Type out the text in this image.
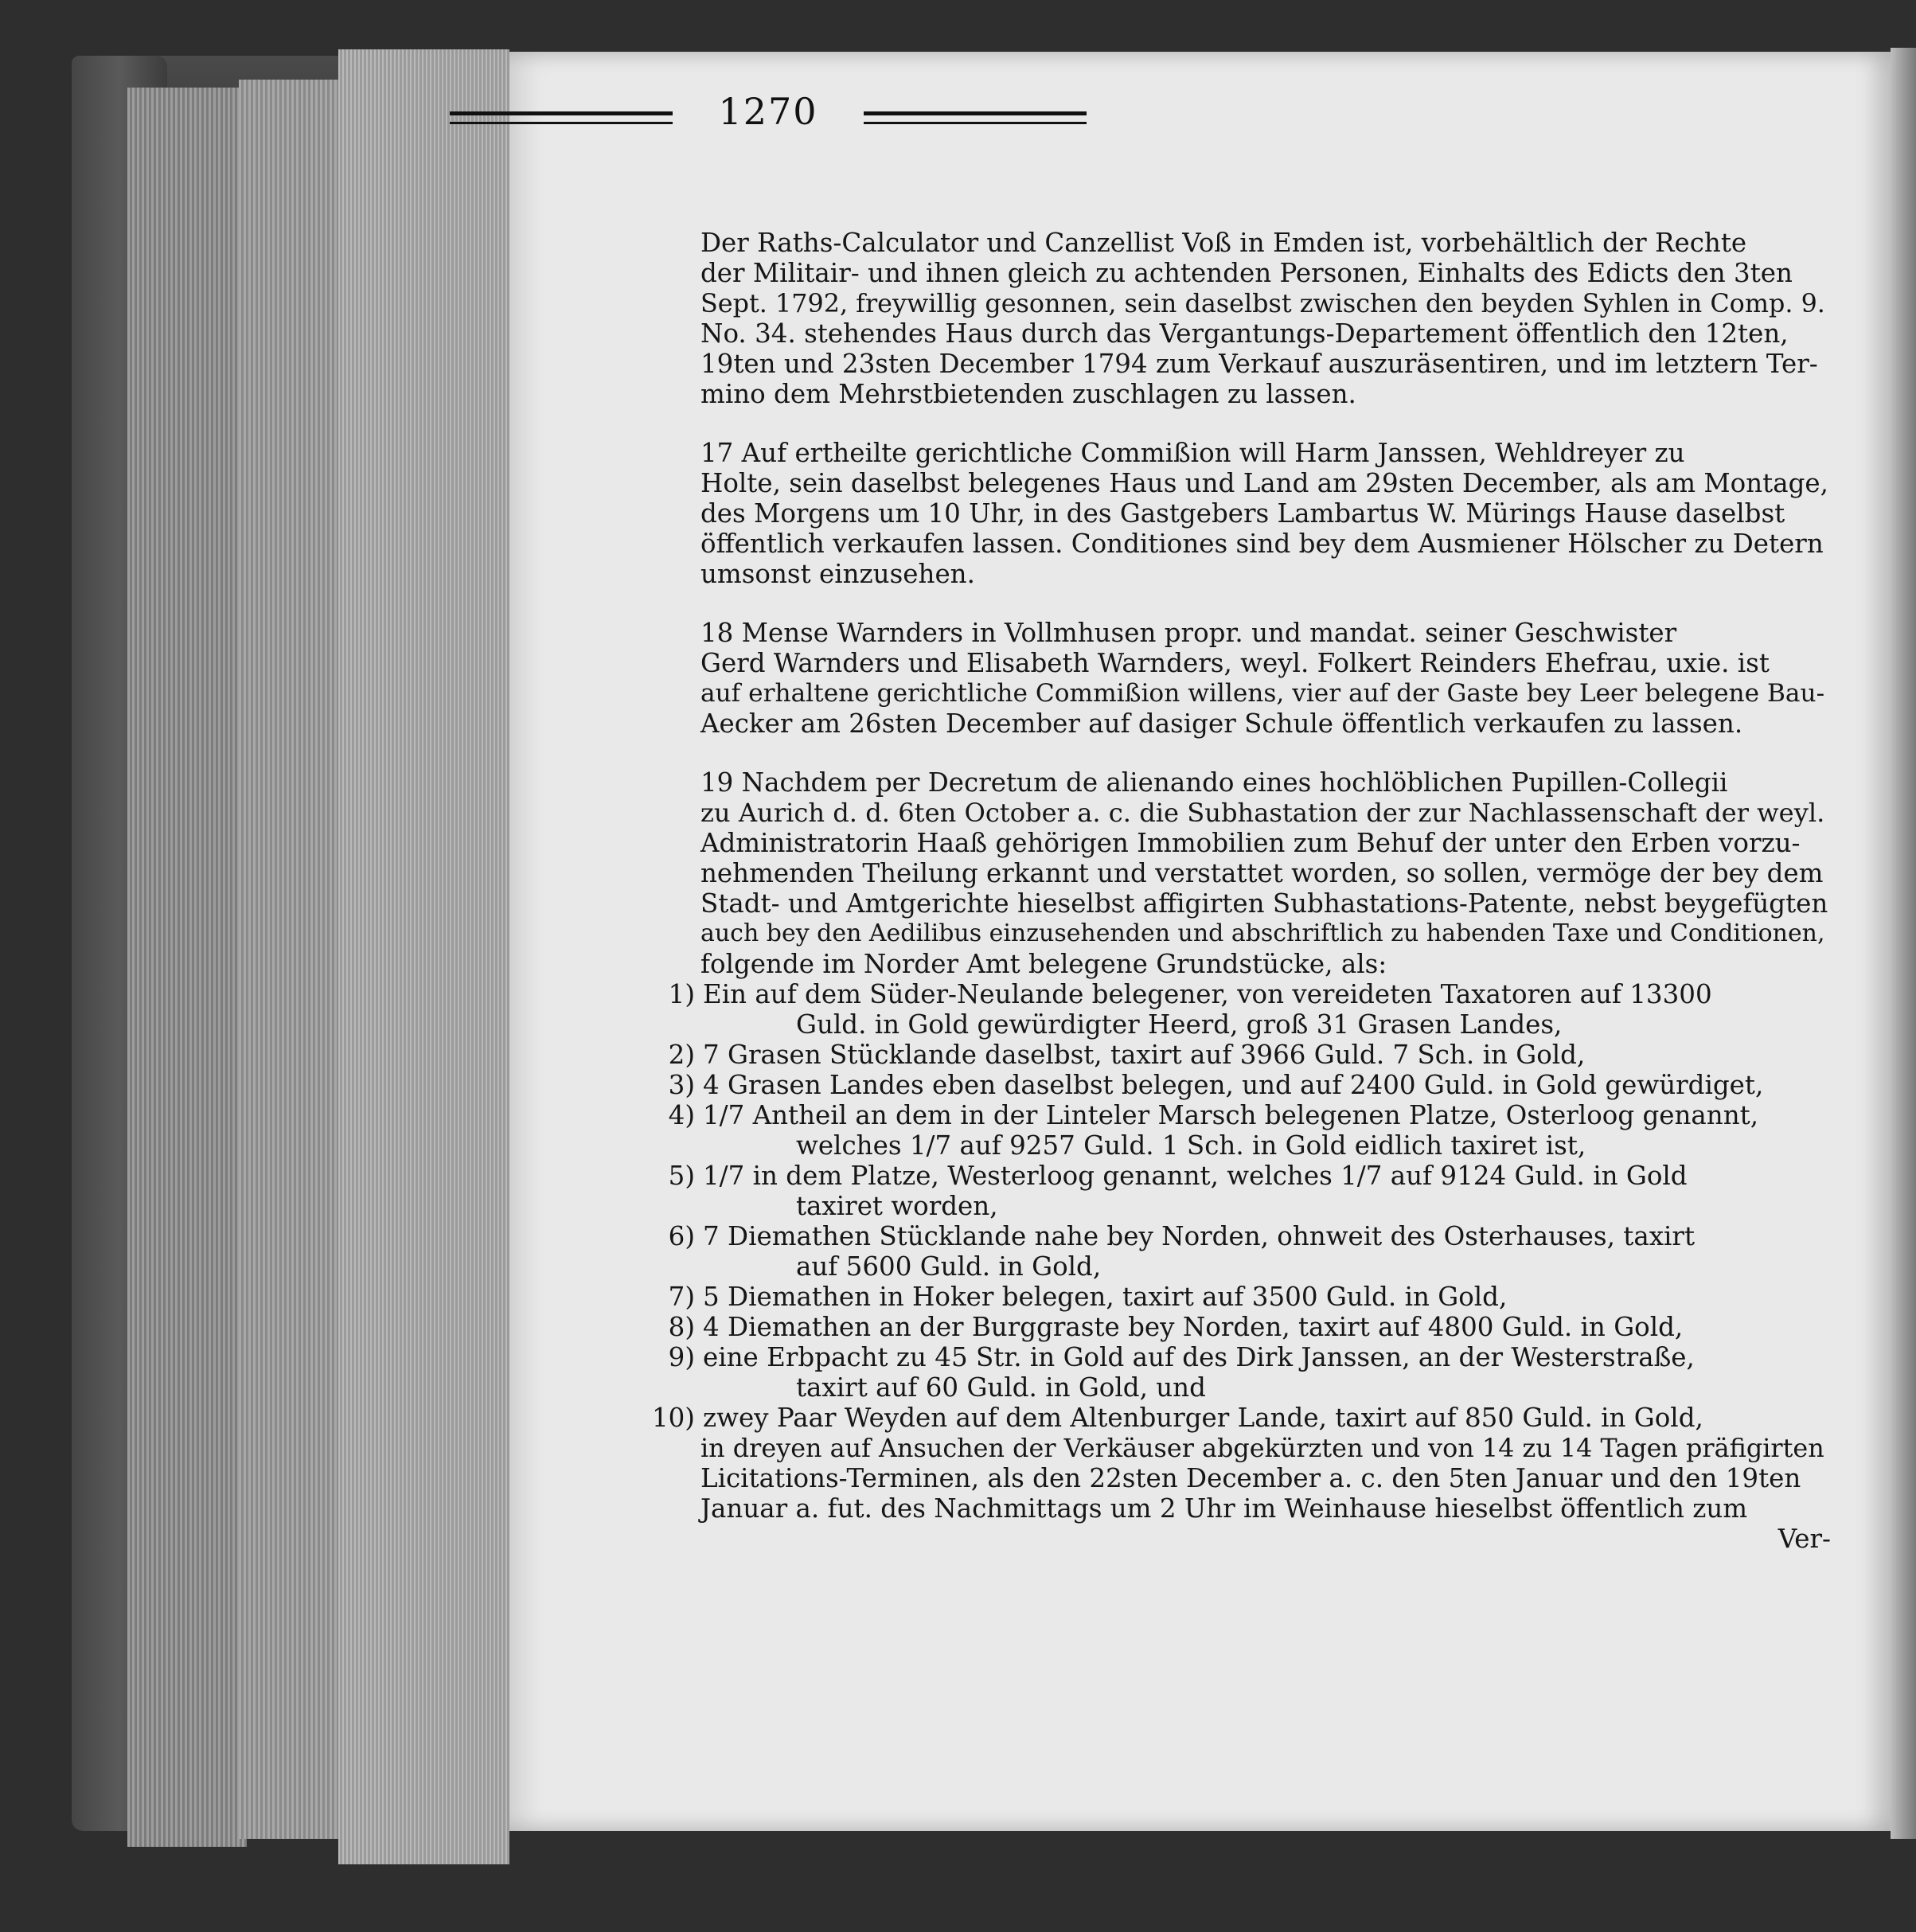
1270

Der Raths-Calculator und Canzellist Voß in Emden ist, vorbehältlich der Rechte

der Militair- und ihnen gleich zu achtenden Personen, Einhalts des Edicts den 3ten

Sept. 1792, freywillig gesonnen, sein daselbst zwischen den beyden Syhlen in Comp. 9.

No. 34. stehendes Haus durch das Vergantungs-Departement öffentlich den 12ten,

19ten und 23sten December 1794 zum Verkauf auszuräsentiren, und im letztern Ter-

mino dem Mehrstbietenden zuschlagen zu lassen.

17 Auf ertheilte gerichtliche Commißion will Harm Janssen, Wehldreyer zu

Holte, sein daselbst belegenes Haus und Land am 29sten December, als am Montage,

des Morgens um 10 Uhr, in des Gastgebers Lambartus W. Mürings Hause daselbst

öffentlich verkaufen lassen. Conditiones sind bey dem Ausmiener Hölscher zu Detern

umsonst einzusehen.

18 Mense Warnders in Vollmhusen propr. und mandat. seiner Geschwister

Gerd Warnders und Elisabeth Warnders, weyl. Folkert Reinders Ehefrau, uxie. ist

auf erhaltene gerichtliche Commißion willens, vier auf der Gaste bey Leer belegene Bau-

Aecker am 26sten December auf dasiger Schule öffentlich verkaufen zu lassen.

19 Nachdem per Decretum de alienando eines hochlöblichen Pupillen-Collegii

zu Aurich d. d. 6ten October a. c. die Subhastation der zur Nachlassenschaft der weyl.

Administratorin Haaß gehörigen Immobilien zum Behuf der unter den Erben vorzu-

nehmenden Theilung erkannt und verstattet worden, so sollen, vermöge der bey dem

Stadt- und Amtgerichte hieselbst affigirten Subhastations-Patente, nebst beygefügten

auch bey den Aedilibus einzusehenden und abschriftlich zu habenden Taxe und Conditionen,

folgende im Norder Amt belegene Grundstücke, als:

1) Ein auf dem Süder-Neulande belegener, von vereideten Taxatoren auf 13300

Guld. in Gold gewürdigter Heerd, groß 31 Grasen Landes,

2) 7 Grasen Stücklande daselbst, taxirt auf 3966 Guld. 7 Sch. in Gold,

3) 4 Grasen Landes eben daselbst belegen, und auf 2400 Guld. in Gold gewürdiget,

4) 1/7 Antheil an dem in der Linteler Marsch belegenen Platze, Osterloog genannt,

welches 1/7 auf 9257 Guld. 1 Sch. in Gold eidlich taxiret ist,

5) 1/7 in dem Platze, Westerloog genannt, welches 1/7 auf 9124 Guld. in Gold

taxiret worden,

6) 7 Diemathen Stücklande nahe bey Norden, ohnweit des Osterhauses, taxirt

auf 5600 Guld. in Gold,

7) 5 Diemathen in Hoker belegen, taxirt auf 3500 Guld. in Gold,

8) 4 Diemathen an der Burggraste bey Norden, taxirt auf 4800 Guld. in Gold,

9) eine Erbpacht zu 45 Str. in Gold auf des Dirk Janssen, an der Westerstraße,

taxirt auf 60 Guld. in Gold, und

10) zwey Paar Weyden auf dem Altenburger Lande, taxirt auf 850 Guld. in Gold,

in dreyen auf Ansuchen der Verkäuser abgekürzten und von 14 zu 14 Tagen präfigirten

Licitations-Terminen, als den 22sten December a. c. den 5ten Januar und den 19ten

Januar a. fut. des Nachmittags um 2 Uhr im Weinhause hieselbst öffentlich zum

Ver-
